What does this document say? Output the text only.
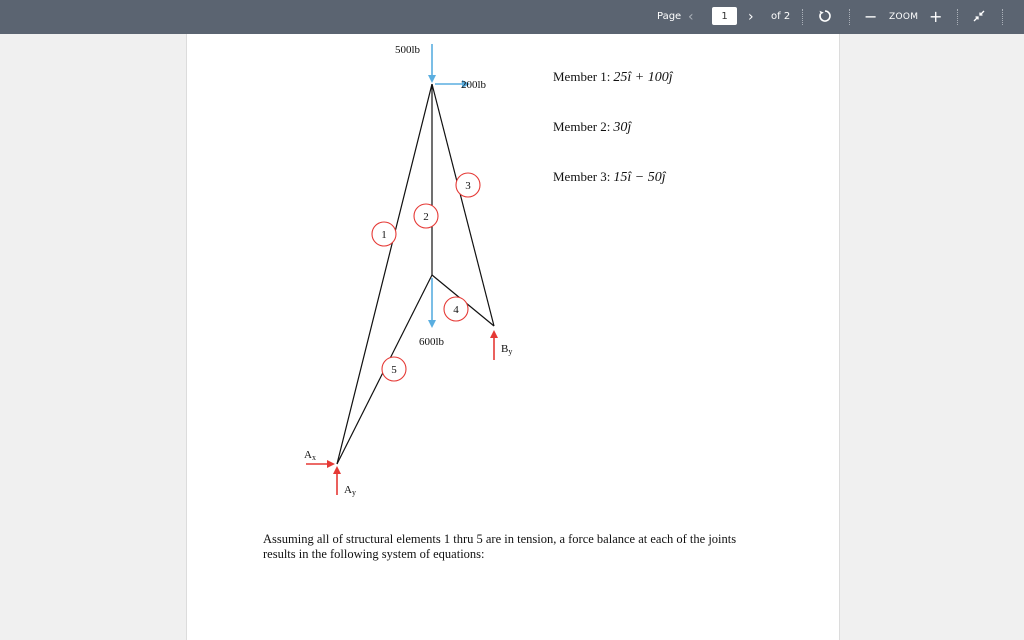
Page ‹
1	› of 2	− ZOOM +
1
2
3
4
5
500lb
200lb
600lb
Ax
Ay
By
Member 1: 25î + 100ĵ
Member 2: 30ĵ
Member 3: 15î − 50ĵ
Assuming all of structural elements 1 thru 5 are in tension, a force balance at each of the joints results in the following system of equations:
